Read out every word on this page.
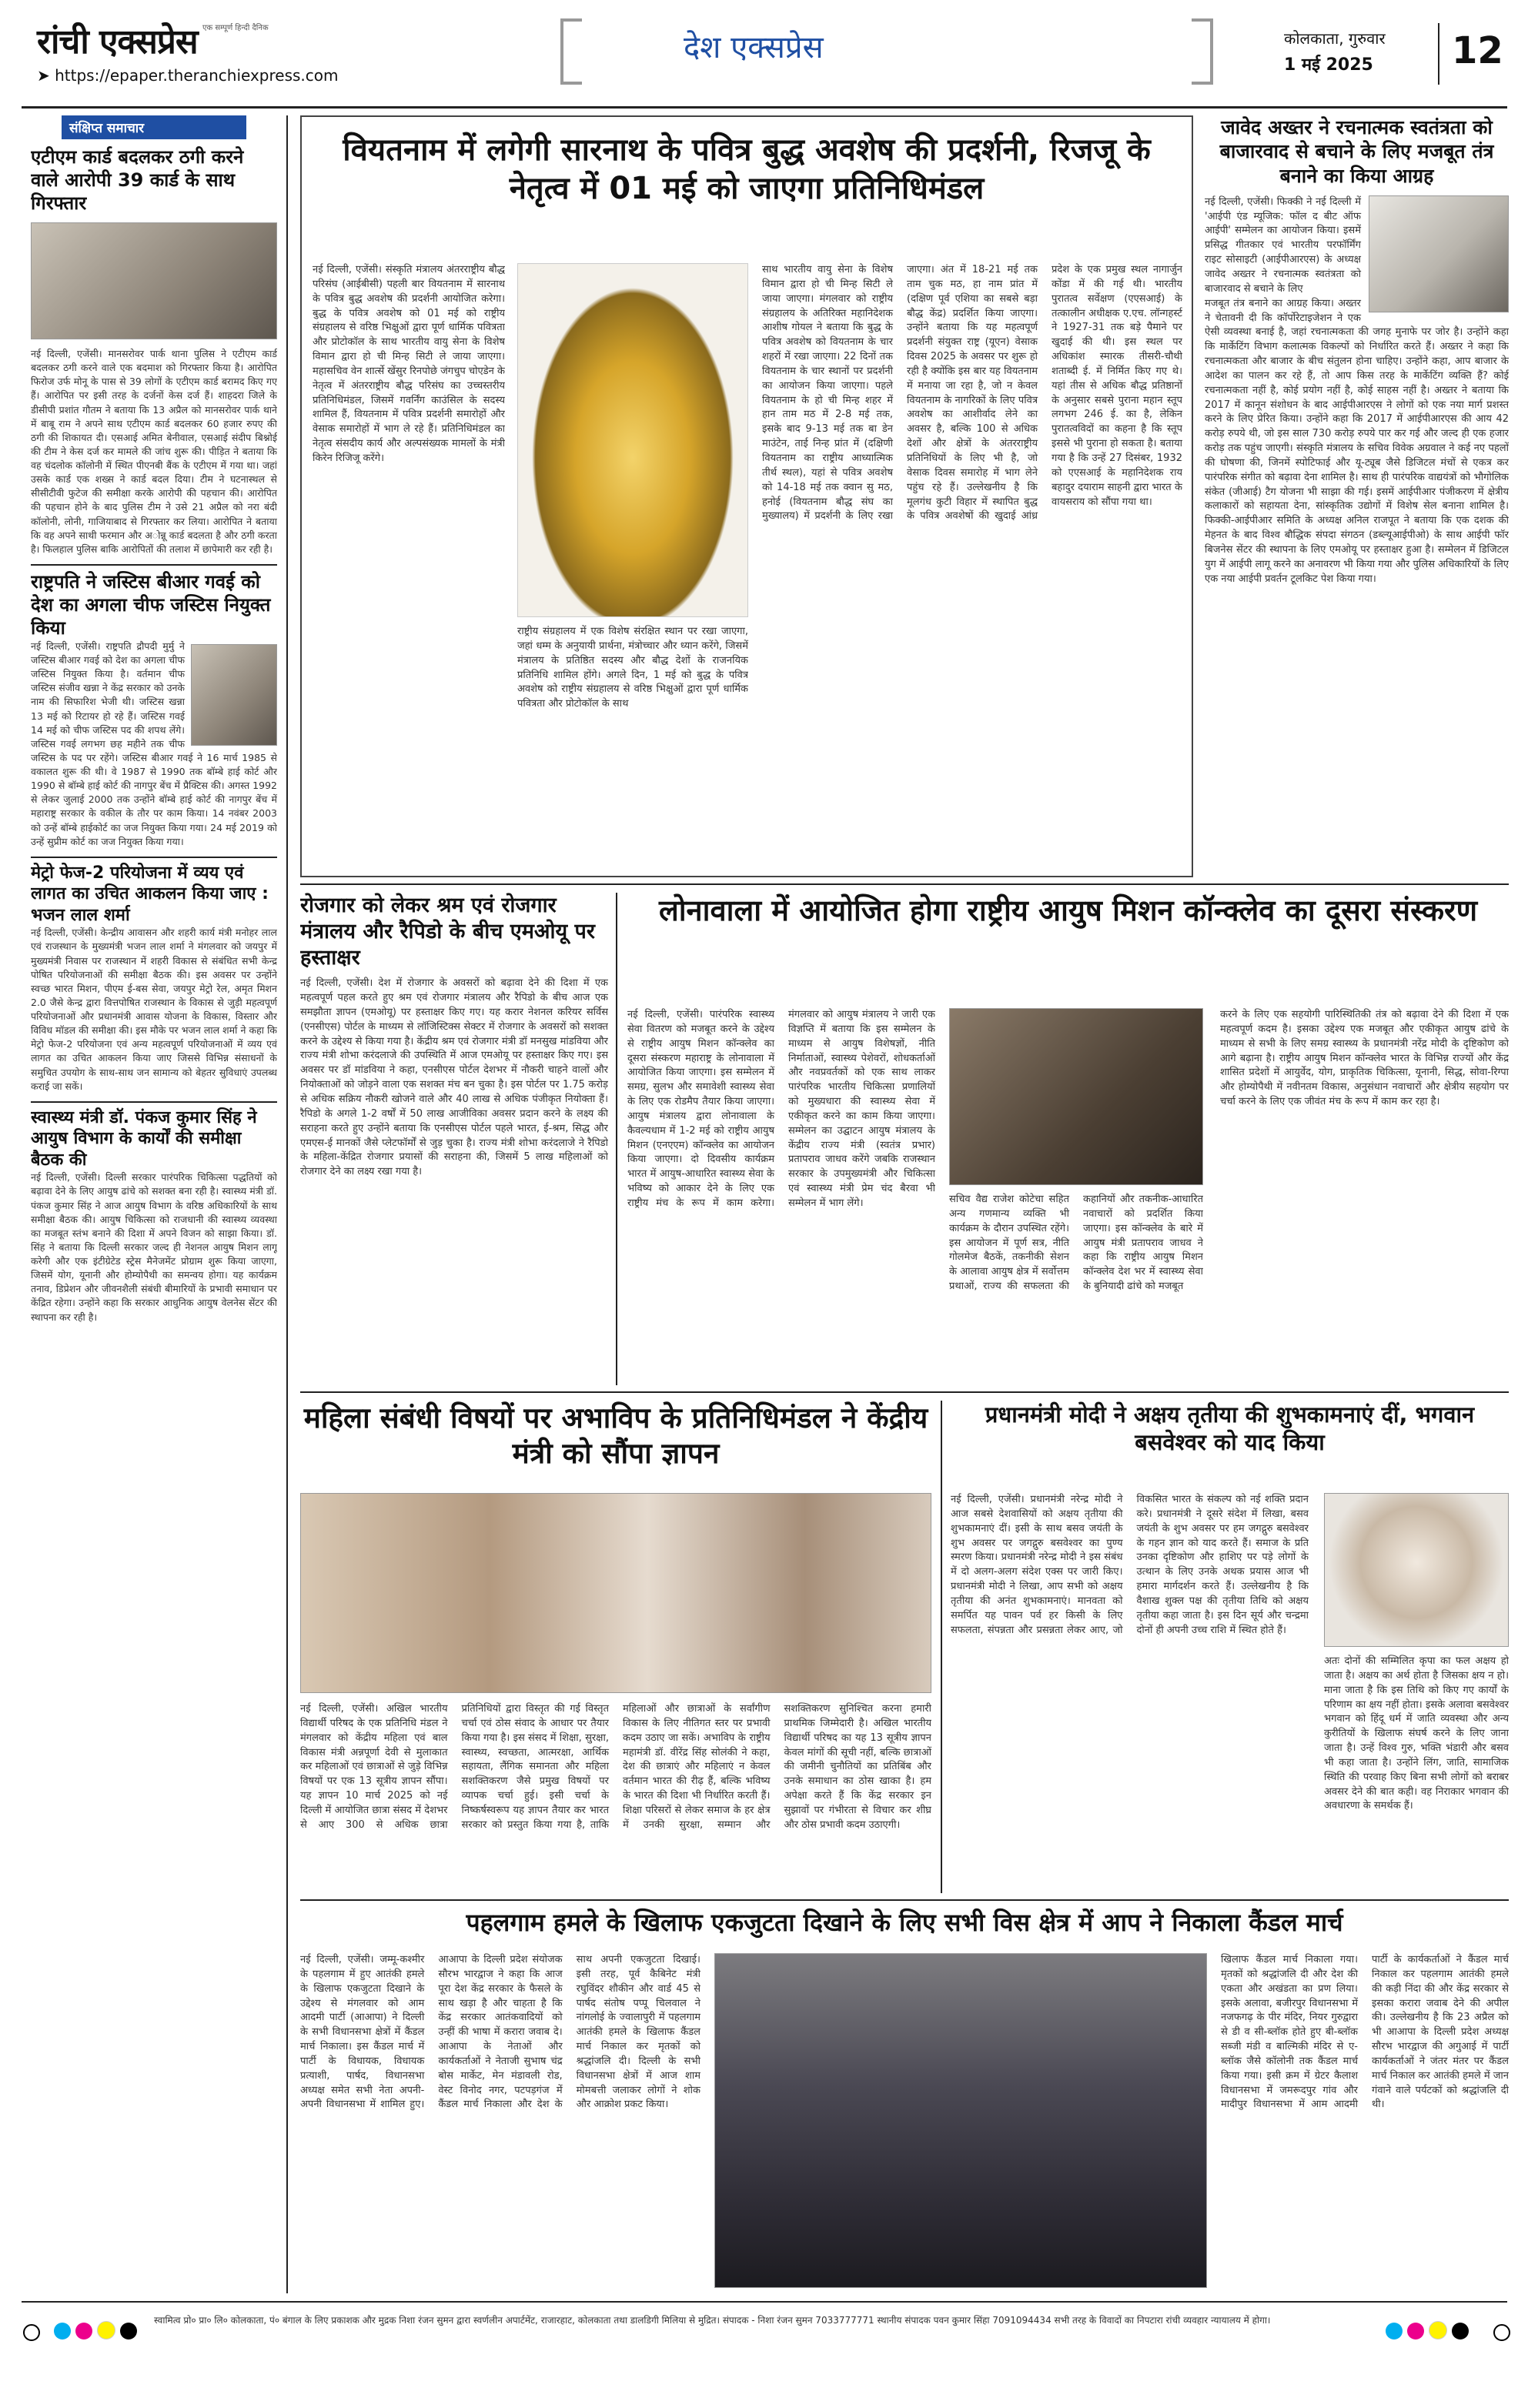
रांची एक्सप्रेस एक सम्पूर्ण हिन्दी दैनिक
➤ https://epaper.theranchiexpress.com
देश एक्सप्रेस	कोलकाता, गुरुवार
1 मई 2025 12
संक्षिप्त समाचार
एटीएम कार्ड बदलकर ठगी करने वाले आरोपी 39 कार्ड के साथ गिरफ्तार
नई दिल्ली, एजेंसी। मानसरोवर पार्क थाना पुलिस ने एटीएम कार्ड बदलकर ठगी करने वाले एक बदमाश को गिरफ्तार किया है। आरोपित फिरोज उर्फ मोनू के पास से 39 लोगों के एटीएम कार्ड बरामद किए गए हैं। आरोपित पर इसी तरह के दर्जनों केस दर्ज हैं। शाहदरा जिले के डीसीपी प्रशांत गौतम ने बताया कि 13 अप्रैल को मानसरोवर पार्क थाने में बाबू राम ने अपने साथ एटीएम कार्ड बदलकर 60 हजार रुपए की ठगी की शिकायत दी। एसआई अमित बेनीवाल, एसआई संदीप बिश्नोई की टीम ने केस दर्ज कर मामले की जांच शुरू की। पीड़ित ने बताया कि वह चंदलोक कॉलोनी में स्थित पीएनबी बैंक के एटीएम में गया था। जहां उसके कार्ड एक शख्स ने कार्ड बदल दिया। टीम ने घटनास्थल से सीसीटीवी फुटेज की समीक्षा करके आरोपी की पहचान की। आरोपित की पहचान होने के बाद पुलिस टीम ने उसे 21 अप्रैल को नरा बंदी कॉलोनी, लोनी, गाजियाबाद से गिरफ्तार कर लिया। आरोपित ने बताया कि वह अपने साथी फरमान और अोन्नू कार्ड बदलता है और ठगी करता है। फिलहाल पुलिस बाकि आरोपितों की तलाश में छापेमारी कर रही है।
राष्ट्रपति ने जस्टिस बीआर गवई को देश का अगला चीफ जस्टिस नियुक्त किया
नई दिल्ली, एजेंसी। राष्ट्रपति द्रौपदी मुर्मु ने जस्टिस बीआर गवई को देश का अगला चीफ जस्टिस नियुक्त किया है। वर्तमान चीफ जस्टिस संजीव खन्ना ने केंद्र सरकार को उनके नाम की सिफारिश भेजी थी। जस्टिस खन्ना 13 मई को रिटायर हो रहे हैं। जस्टिस गवई 14 मई को चीफ जस्टिस पद की शपथ लेंगे। जस्टिस गवई लगभग छह महीने तक चीफ जस्टिस के पद पर रहेंगे। जस्टिस बीआर गवई ने 16 मार्च 1985 से वकालत शुरू की थी। वे 1987 से 1990 तक बॉम्बे हाई कोर्ट और 1990 से बॉम्बे हाई कोर्ट की नागपुर बेंच में प्रैक्टिस की। अगस्त 1992 से लेकर जुलाई 2000 तक उन्होंने बॉम्बे हाई कोर्ट की नागपुर बेंच में महाराष्ट्र सरकार के वकील के तौर पर काम किया। 14 नवंबर 2003 को उन्हें बॉम्बे हाईकोर्ट का जज नियुक्त किया गया। 24 मई 2019 को उन्हें सुप्रीम कोर्ट का जज नियुक्त किया गया।
मेट्रो फेज-2 परियोजना में व्यय एवं लागत का उचित आकलन किया जाए : भजन लाल शर्मा
नई दिल्ली, एजेंसी। केन्द्रीय आवासन और शहरी कार्य मंत्री मनोहर लाल एवं राजस्थान के मुख्यमंत्री भजन लाल शर्मा ने मंगलवार को जयपुर में मुख्यमंत्री निवास पर राजस्थान में शहरी विकास से संबंधित सभी केन्द्र पोषित परियोजनाओं की समीक्षा बैठक की। इस अवसर पर उन्होंने स्वच्छ भारत मिशन, पीएम ई-बस सेवा, जयपुर मेट्रो रेल, अमृत मिशन 2.0 जैसे केन्द्र द्वारा वित्तपोषित राजस्थान के विकास से जुड़ी महत्वपूर्ण परियोजनाओं और प्रधानमंत्री आवास योजना के विकास, विस्तार और विविध मॉडल की समीक्षा की। इस मौके पर भजन लाल शर्मा ने कहा कि मेट्रो फेज-2 परियोजना एवं अन्य महत्वपूर्ण परियोजनाओं में व्यय एवं लागत का उचित आकलन किया जाए जिससे विभिन्न संसाधनों के समुचित उपयोग के साथ-साथ जन सामान्य को बेहतर सुविधाएं उपलब्ध कराई जा सकें।
स्वास्थ्य मंत्री डॉ. पंकज कुमार सिंह ने आयुष विभाग के कार्यों की समीक्षा बैठक की
नई दिल्ली, एजेंसी। दिल्ली सरकार पारंपरिक चिकित्सा पद्धतियों को बढ़ावा देने के लिए आयुष ढांचे को सशक्त बना रही है। स्वास्थ्य मंत्री डॉ. पंकज कुमार सिंह ने आज आयुष विभाग के वरिष्ठ अधिकारियों के साथ समीक्षा बैठक की। आयुष चिकित्सा को राजधानी की स्वास्थ्य व्यवस्था का मजबूत स्तंभ बनाने की दिशा में अपने विजन को साझा किया। डॉ. सिंह ने बताया कि दिल्ली सरकार जल्द ही नेशनल आयुष मिशन लागू करेगी और एक इंटीग्रेटेड स्ट्रेस मैनेजमेंट प्रोग्राम शुरू किया जाएगा, जिसमें योग, यूनानी और होम्योपैथी का समन्वय होगा। यह कार्यक्रम तनाव, डिप्रेशन और जीवनशैली संबंधी बीमारियों के प्रभावी समाधान पर केंद्रित रहेगा। उन्होंने कहा कि सरकार आधुनिक आयुष वेलनेस सेंटर की स्थापना कर रही है।
वियतनाम में लगेगी सारनाथ के पवित्र बुद्ध अवशेष की प्रदर्शनी, रिजजू के नेतृत्व में 01 मई को जाएगा प्रतिनिधिमंडल
नई दिल्ली, एजेंसी। संस्कृति मंत्रालय अंतरराष्ट्रीय बौद्ध परिसंघ (आईबीसी) पहली बार वियतनाम में सारनाथ के पवित्र बुद्ध अवशेष की प्रदर्शनी आयोजित करेगा। बुद्ध के पवित्र अवशेष को 01 मई को राष्ट्रीय संग्रहालय से वरिष्ठ भिक्षुओं द्वारा पूर्ण धार्मिक पवित्रता और प्रोटोकॉल के साथ भारतीय वायु सेना के विशेष विमान द्वारा हो ची मिन्ह सिटी ले जाया जाएगा। महासचिव वेन शार्त्से खेंसुर रिनपोछे जंगचुप चोएडेन के नेतृत्व में अंतरराष्ट्रीय बौद्ध परिसंघ का उच्चस्तरीय प्रतिनिधिमंडल, जिसमें गवर्निंग काउंसिल के सदस्य शामिल हैं, वियतनाम में पवित्र प्रदर्शनी समारोहों और वेसाक समारोहों में भाग ले रहे हैं। प्रतिनिधिमंडल का नेतृत्व संसदीय कार्य और अल्पसंख्यक मामलों के मंत्री किरेन रिजिजू करेंगे।
राष्ट्रीय संग्रहालय में एक विशेष संरक्षित स्थान पर रखा जाएगा, जहां धम्म के अनुयायी प्रार्थना, मंत्रोच्चार और ध्यान करेंगे, जिसमें मंत्रालय के प्रतिष्ठित सदस्य और बौद्ध देशों के राजनयिक प्रतिनिधि शामिल होंगे। अगले दिन, 1 मई को बुद्ध के पवित्र अवशेष को राष्ट्रीय संग्रहालय से वरिष्ठ भिक्षुओं द्वारा पूर्ण धार्मिक पवित्रता और प्रोटोकॉल के साथ
साथ भारतीय वायु सेना के विशेष विमान द्वारा हो ची मिन्ह सिटी ले जाया जाएगा। मंगलवार को राष्ट्रीय संग्रहालय के अतिरिक्त महानिदेशक आशीष गोयल ने बताया कि बुद्ध के पवित्र अवशेष को वियतनाम के चार शहरों में रखा जाएगा। 22 दिनों तक वियतनाम के चार स्थानों पर प्रदर्शनी का आयोजन किया जाएगा। पहले वियतनाम के हो ची मिन्ह शहर में हान ताम मठ में 2-8 मई तक, इसके बाद 9-13 मई तक बा डेन माउंटेन, ताई निन्ह प्रांत में (दक्षिणी वियतनाम का राष्ट्रीय आध्यात्मिक तीर्थ स्थल), यहां से पवित्र अवशेष को 14-18 मई तक क्वान सु मठ, हनोई (वियतनाम बौद्ध संघ का मुख्यालय) में प्रदर्शनी के लिए रखा जाएगा। अंत में 18-21 मई तक ताम चुक मठ, हा नाम प्रांत में (दक्षिण पूर्व एशिया का सबसे बड़ा बौद्ध केंद्र) प्रदर्शित किया जाएगा। उन्होंने बताया कि यह महत्वपूर्ण प्रदर्शनी संयुक्त राष्ट्र (यूएन) वेसाक दिवस 2025 के अवसर पर शुरू हो रही है क्योंकि इस बार यह वियतनाम में मनाया जा रहा है, जो न केवल वियतनाम के नागरिकों के लिए पवित्र अवशेष का आशीर्वाद लेने का अवसर है, बल्कि 100 से अधिक देशों और क्षेत्रों के अंतरराष्ट्रीय प्रतिनिधियों के लिए भी है, जो वेसाक दिवस समारोह में भाग लेने पहुंच रहे हैं। उल्लेखनीय है कि मूलगंध कुटी विहार में स्थापित बुद्ध के पवित्र अवशेषों की खुदाई आंध्र प्रदेश के एक प्रमुख स्थल नागार्जुन कोंडा में की गई थी। भारतीय पुरातत्व सर्वेक्षण (एएसआई) के तत्कालीन अधीक्षक ए.एच. लॉन्गहर्स्ट ने 1927-31 तक बड़े पैमाने पर खुदाई की थी। इस स्थल पर अधिकांश स्मारक तीसरी-चौथी शताब्दी ई. में निर्मित किए गए थे। यहां तीस से अधिक बौद्ध प्रतिष्ठानों के अनुसार सबसे पुराना महान स्तूप लगभग 246 ई. का है, लेकिन पुरातत्वविदों का कहना है कि स्तूप इससे भी पुराना हो सकता है। बताया गया है कि उन्हें 27 दिसंबर, 1932 को एएसआई के महानिदेशक राय बहादुर दयाराम साहनी द्वारा भारत के वायसराय को सौंपा गया था।
जावेद अख्तर ने रचनात्मक स्वतंत्रता को बाजारवाद से बचाने के लिए मजबूत तंत्र बनाने का किया आग्रह
नई दिल्ली, एजेंसी। फिक्की ने नई दिल्ली में 'आईपी एंड म्यूजिक: फॉल द बीट ऑफ आईपी' सम्मेलन का आयोजन किया। इसमें प्रसिद्ध गीतकार एवं भारतीय परफॉर्मिंग राइट सोसाइटी (आईपीआरएस) के अध्यक्ष जावेद अख्तर ने रचनात्मक स्वतंत्रता को बाजारवाद से बचाने के लिए
मजबूत तंत्र बनाने का आग्रह किया। अख्तर ने चेतावनी दी कि कॉर्पोरेटाइजेशन ने एक ऐसी व्यवस्था बनाई है, जहां रचनात्मकता की जगह मुनाफे पर जोर है। उन्होंने कहा कि मार्केटिंग विभाग कलात्मक विकल्पों को निर्धारित करते हैं। अख्तर ने कहा कि रचनात्मकता और बाजार के बीच संतुलन होना चाहिए। उन्होंने कहा, आप बाजार के आदेश का पालन कर रहे हैं, तो आप किस तरह के मार्केटिंग व्यक्ति हैं? कोई रचनात्मकता नहीं है, कोई प्रयोग नहीं है, कोई साहस नहीं है। अख्तर ने बताया कि 2017 में कानून संशोधन के बाद आईपीआरएस ने लोगों को एक नया मार्ग प्रशस्त करने के लिए प्रेरित किया। उन्होंने कहा कि 2017 में आईपीआरएस की आय 42 करोड़ रुपये थी, जो इस साल 730 करोड़ रुपये पार कर गई और जल्द ही एक हजार करोड़ तक पहुंच जाएगी। संस्कृति मंत्रालय के सचिव विवेक अग्रवाल ने कई नए पहलों की घोषणा की, जिनमें स्पोटिफाई और यू-ट्यूब जैसे डिजिटल मंचों से एकत्र कर पारंपरिक संगीत को बढ़ावा देना शामिल है। साथ ही पारंपरिक वाद्ययंत्रों को भौगोलिक संकेत (जीआई) टैग योजना भी साझा की गई। इसमें आईपीआर पंजीकरण में क्षेत्रीय कलाकारों को सहायता देना, सांस्कृतिक उद्योगों में विशेष सेल बनाना शामिल है। फिक्की-आईपीआर समिति के अध्यक्ष अनिल राजपूत ने बताया कि एक दशक की मेहनत के बाद विश्व बौद्धिक संपदा संगठन (डब्ल्यूआईपीओ) के साथ आईपी फॉर बिजनेस सेंटर की स्थापना के लिए एमओयू पर हस्ताक्षर हुआ है। सम्मेलन में डिजिटल युग में आईपी लागू करने का अनावरण भी किया गया और पुलिस अधिकारियों के लिए एक नया आईपी प्रवर्तन टूलकिट पेश किया गया।
रोजगार को लेकर श्रम एवं रोजगार मंत्रालय और रैपिडो के बीच एमओयू पर हस्ताक्षर
नई दिल्ली, एजेंसी। देश में रोजगार के अवसरों को बढ़ावा देने की दिशा में एक महत्वपूर्ण पहल करते हुए श्रम एवं रोजगार मंत्रालय और रैपिडो के बीच आज एक समझौता ज्ञापन (एमओयू) पर हस्ताक्षर किए गए। यह करार नेशनल करियर सर्विस (एनसीएस) पोर्टल के माध्यम से लॉजिस्टिक्स सेक्टर में रोजगार के अवसरों को सशक्त करने के उद्देश्य से किया गया है। केंद्रीय श्रम एवं रोजगार मंत्री डॉ मनसुख मांडविया और राज्य मंत्री शोभा करंदलाजे की उपस्थिति में आज एमओयू पर हस्ताक्षर किए गए। इस अवसर पर डॉ मांडविया ने कहा, एनसीएस पोर्टल देशभर में नौकरी चाहने वालों और नियोक्ताओं को जोड़ने वाला एक सशक्त मंच बन चुका है। इस पोर्टल पर 1.75 करोड़ से अधिक सक्रिय नौकरी खोजने वाले और 40 लाख से अधिक पंजीकृत नियोक्ता हैं। रैपिडो के अगले 1-2 वर्षों में 50 लाख आजीविका अवसर प्रदान करने के लक्ष्य की सराहना करते हुए उन्होंने बताया कि एनसीएस पोर्टल पहले भारत, ई-श्रम, सिद्ध और एमएस-ई मानकों जैसे प्लेटफॉर्मों से जुड़ चुका है। राज्य मंत्री शोभा करंदलाजे ने रैपिडो के महिला-केंद्रित रोजगार प्रयासों की सराहना की, जिसमें 5 लाख महिलाओं को रोजगार देने का लक्ष्य रखा गया है।
लोनावाला में आयोजित होगा राष्ट्रीय आयुष मिशन कॉन्क्लेव का दूसरा संस्करण
नई दिल्ली, एजेंसी। पारंपरिक स्वास्थ्य सेवा वितरण को मजबूत करने के उद्देश्य से राष्ट्रीय आयुष मिशन कॉन्क्लेव का दूसरा संस्करण महाराष्ट्र के लोनावाला में आयोजित किया जाएगा। इस सम्मेलन में समग्र, सुलभ और समावेशी स्वास्थ्य सेवा के लिए एक रोडमैप तैयार किया जाएगा। आयुष मंत्रालय द्वारा लोनावाला के कैवल्यधाम में 1-2 मई को राष्ट्रीय आयुष मिशन (एनएएम) कॉन्क्लेव का आयोजन किया जाएगा। दो दिवसीय कार्यक्रम भारत में आयुष-आधारित स्वास्थ्य सेवा के भविष्य को आकार देने के लिए एक राष्ट्रीय मंच के रूप में काम करेगा। मंगलवार को आयुष मंत्रालय ने जारी एक विज्ञप्ति में बताया कि इस सम्मेलन के माध्यम से आयुष विशेषज्ञों, नीति निर्माताओं, स्वास्थ्य पेशेवरों, शोधकर्ताओं और नवप्रवर्तकों को एक साथ लाकर पारंपरिक भारतीय चिकित्सा प्रणालियों को मुख्यधारा की स्वास्थ्य सेवा में एकीकृत करने का काम किया जाएगा। सम्मेलन का उद्घाटन आयुष मंत्रालय के केंद्रीय राज्य मंत्री (स्वतंत्र प्रभार) प्रतापराव जाधव करेंगे जबकि राजस्थान सरकार के उपमुख्यमंत्री और चिकित्सा एवं स्वास्थ्य मंत्री प्रेम चंद बैरवा भी सम्मेलन में भाग लेंगे।	सचिव वैद्य राजेश कोटेचा सहित अन्य गणमान्य व्यक्ति भी कार्यक्रम के दौरान उपस्थित रहेंगे। इस आयोजन में पूर्ण सत्र, नीति गोलमेज बैठकें, तकनीकी सेशन के आलावा आयुष क्षेत्र में सर्वोत्तम प्रथाओं, राज्य की सफलता की कहानियों और तकनीक-आधारित नवाचारों को प्रदर्शित किया जाएगा। इस कॉन्क्लेव के बारे में आयुष मंत्री प्रतापराव जाधव ने कहा कि राष्ट्रीय आयुष मिशन कॉन्क्लेव देश भर में स्वास्थ्य सेवा के बुनियादी ढांचे को मजबूत
करने के लिए एक सहयोगी पारिस्थितिकी तंत्र को बढ़ावा देने की दिशा में एक महत्वपूर्ण कदम है। इसका उद्देश्य एक मजबूत और एकीकृत आयुष ढांचे के माध्यम से सभी के लिए समग्र स्वास्थ्य के प्रधानमंत्री नरेंद्र मोदी के दृष्टिकोण को आगे बढ़ाना है। राष्ट्रीय आयुष मिशन कॉन्क्लेव भारत के विभिन्न राज्यों और केंद्र शासित प्रदेशों में आयुर्वेद, योग, प्राकृतिक चिकित्सा, यूनानी, सिद्ध, सोवा-रिग्पा और होम्योपैथी में नवीनतम विकास, अनुसंधान नवाचारों और क्षेत्रीय सहयोग पर चर्चा करने के लिए एक जीवंत मंच के रूप में काम कर रहा है।
महिला संबंधी विषयों पर अभाविप के प्रतिनिधिमंडल ने केंद्रीय मंत्री को सौंपा ज्ञापन
नई दिल्ली, एजेंसी। अखिल भारतीय विद्यार्थी परिषद के एक प्रतिनिधि मंडल ने मंगलवार को केंद्रीय महिला एवं बाल विकास मंत्री अन्नपूर्णा देवी से मुलाकात कर महिलाओं एवं छात्राओं से जुड़े विभिन्न विषयों पर एक 13 सूत्रीय ज्ञापन सौंपा। यह ज्ञापन 10 मार्च 2025 को नई दिल्ली में आयोजित छात्रा संसद में देशभर से आए 300 से अधिक छात्रा प्रतिनिधियों द्वारा विस्तृत की गई विस्तृत चर्चा एवं ठोस संवाद के आधार पर तैयार किया गया है। इस संसद में शिक्षा, सुरक्षा, स्वास्थ्य, स्वच्छता, आत्मरक्षा, आर्थिक सहायता, लैंगिक समानता और महिला सशक्तिकरण जैसे प्रमुख विषयों पर व्यापक चर्चा हुई। इसी चर्चा के निष्कर्षस्वरूप यह ज्ञापन तैयार कर भारत सरकार को प्रस्तुत किया गया है, ताकि महिलाओं और छात्राओं के सर्वांगीण विकास के लिए नीतिगत स्तर पर प्रभावी कदम उठाए जा सकें। अभाविप के राष्ट्रीय महामंत्री डॉ. वीरेंद्र सिंह सोलंकी ने कहा, देश की छात्राएं और महिलाएं न केवल वर्तमान भारत की रीढ़ हैं, बल्कि भविष्य के भारत की दिशा भी निर्धारित करती हैं। शिक्षा परिसरों से लेकर समाज के हर क्षेत्र में उनकी सुरक्षा, सम्मान और सशक्तिकरण सुनिश्चित करना हमारी प्राथमिक जिम्मेदारी है। अखिल भारतीय विद्यार्थी परिषद का यह 13 सूत्रीय ज्ञापन केवल मांगों की सूची नहीं, बल्कि छात्राओं की जमीनी चुनौतियों का प्रतिबिंब और उनके समाधान का ठोस खाका है। हम अपेक्षा करते हैं कि केंद्र सरकार इन सुझावों पर गंभीरता से विचार कर शीघ्र और ठोस प्रभावी कदम उठाएगी।
प्रधानमंत्री मोदी ने अक्षय तृतीया की शुभकामनाएं दीं, भगवान बसवेश्वर को याद किया
नई दिल्ली, एजेंसी। प्रधानमंत्री नरेन्द्र मोदी ने आज सबसे देशवासियों को अक्षय तृतीया की शुभकामनाएं दीं। इसी के साथ बसव जयंती के शुभ अवसर पर जगद्गुरु बसवेश्वर का पुण्य स्मरण किया। प्रधानमंत्री नरेन्द्र मोदी ने इस संबंध में दो अलग-अलग संदेश एक्स पर जारी किए। प्रधानमंत्री मोदी ने लिखा, आप सभी को अक्षय तृतीया की अनंत शुभकामनाएं। मानवता को समर्पित यह पावन पर्व हर किसी के लिए सफलता, संपन्नता और प्रसन्नता लेकर आए, जो विकसित भारत के संकल्प को नई शक्ति प्रदान करे। प्रधानमंत्री ने दूसरे संदेश में लिखा, बसव जयंती के शुभ अवसर पर हम जगद्गुरु बसवेश्वर के गहन ज्ञान को याद करते हैं। समाज के प्रति उनका दृष्टिकोण और हाशिए पर पड़े लोगों के उत्थान के लिए उनके अथक प्रयास आज भी हमारा मार्गदर्शन करते हैं। उल्लेखनीय है कि वैशाख शुक्ल पक्ष की तृतीया तिथि को अक्षय तृतीया कहा जाता है। इस दिन सूर्य और चन्द्रमा दोनों ही अपनी उच्च राशि में स्थित होते हैं।
अतः दोनों की सम्मिलित कृपा का फल अक्षय हो जाता है। अक्षय का अर्थ होता है जिसका क्षय न हो। माना जाता है कि इस तिथि को किए गए कार्यों के परिणाम का क्षय नहीं होता। इसके अलावा बसवेश्वर भगवान को हिंदू धर्म में जाति व्यवस्था और अन्य कुरीतियों के खिलाफ संघर्ष करने के लिए जाना जाता है। उन्हें विश्व गुरु, भक्ति भंडारी और बसव भी कहा जाता है। उन्होंने लिंग, जाति, सामाजिक स्थिति की परवाह किए बिना सभी लोगों को बराबर अवसर देने की बात कही। वह निराकार भगवान की अवधारणा के समर्थक हैं।
पहलगाम हमले के खिलाफ एकजुटता दिखाने के लिए सभी विस क्षेत्र में आप ने निकाला कैंडल मार्च
नई दिल्ली, एजेंसी। जम्मू-कश्मीर के पहलगाम में हुए आतंकी हमले के खिलाफ एकजुटता दिखाने के उद्देश्य से मंगलवार को आम आदमी पार्टी (आआपा) ने दिल्ली के सभी विधानसभा क्षेत्रों में कैंडल मार्च निकाला। इस कैंडल मार्च में पार्टी के विधायक, विधायक प्रत्याशी, पार्षद, विधानसभा अध्यक्ष समेत सभी नेता अपनी-अपनी विधानसभा में शामिल हुए। आआपा के दिल्ली प्रदेश संयोजक सौरभ भारद्वाज ने कहा कि आज पूरा देश केंद्र सरकार के फैसले के साथ खड़ा है और चाहता है कि केंद्र सरकार आतंकवादियों को उन्हीं की भाषा में करारा जवाब दे। आआपा के नेताओं और कार्यकर्ताओं ने नेताजी सुभाष चंद्र बोस मार्केट, मेन मंडावली रोड, वेस्ट विनोद नगर, पटपड़गंज में कैंडल मार्च निकाला और देश के साथ अपनी एकजुटता दिखाई। इसी तरह, पूर्व कैबिनेट मंत्री रघुविंदर शौकीन और वार्ड 45 से पार्षद संतोष पप्पू चिलवाल ने नांगलोई के ज्वालापुरी में पहलगाम आतंकी हमले के खिलाफ कैंडल मार्च निकाल कर मृतकों को श्रद्धांजलि दी। दिल्ली के सभी विधानसभा क्षेत्रों में आज शाम मोमबत्ती जलाकर लोगों ने शोक और आक्रोश प्रकट किया।
खिलाफ कैंडल मार्च निकाला गया। मृतकों को श्रद्धांजलि दी और देश की एकता और अखंडता का प्रण लिया। इसके अलावा, बजीरपुर विधानसभा में नजफगढ़ के पीर मंदिर, नियर गुरुद्वारा से डी व सी-ब्लॉक होते हुए बी-ब्लॉक सब्जी मंडी व बाल्मिकी मंदिर से ए-ब्लॉक जैसे कॉलोनी तक कैंडल मार्च किया गया। इसी क्रम में ग्रेटर कैलाश विधानसभा में जमरूदपुर गांव और मादीपुर विधानसभा में आम आदमी पार्टी के कार्यकर्ताओं ने कैंडल मार्च निकाल कर पहलगाम आतंकी हमले की कड़ी निंदा की और केंद्र सरकार से इसका करारा जवाब देने की अपील की। उल्लेखनीय है कि 23 अप्रैल को भी आआपा के दिल्ली प्रदेश अध्यक्ष सौरभ भारद्वाज की अगुआई में पार्टी कार्यकर्ताओं ने जंतर मंतर पर कैंडल मार्च निकाल कर आतंकी हमले में जान गंवाने वाले पर्यटकों को श्रद्धांजलि दी थी।
स्वामित्व प्रो० प्रा० लि० कोलकाता, पं० बंगाल के लिए प्रकाशक और मुद्रक निशा रंजन सुमन द्वारा स्वर्णलीन अपार्टमेंट, राजारहाट, कोलकाता तथा डालडिगी मिलिया से मुद्रित। संपादक - निशा रंजन सुमन 7033777771 स्थानीय संपादक पवन कुमार सिंहा 7091094434 सभी तरह के विवादों का निपटारा रांची व्यवहार न्यायालय में होगा।
